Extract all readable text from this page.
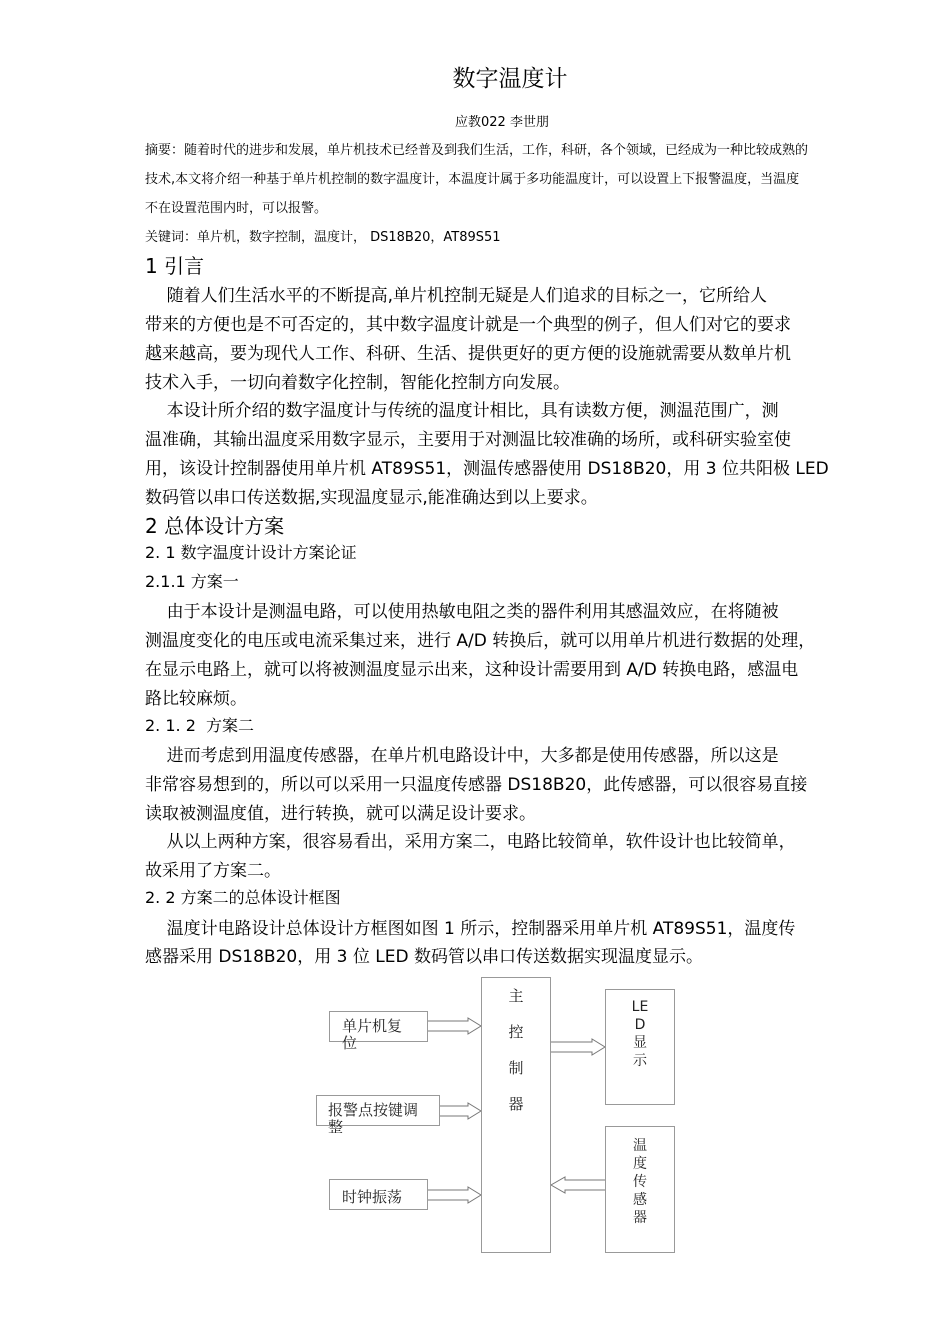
数字温度计
应教022 李世朋
摘要：随着时代的进步和发展，单片机技术已经普及到我们生活，工作，科研，各个领域，已经成为一种比较成熟的
技术,本文将介绍一种基于单片机控制的数字温度计，本温度计属于多功能温度计，可以设置上下报警温度，当温度
不在设置范围内时，可以报警。
关键词：单片机，数字控制，温度计， DS18B20，AT89S51
1 引言
随着人们生活水平的不断提高,单片机控制无疑是人们追求的目标之一，它所给人
带来的方便也是不可否定的，其中数字温度计就是一个典型的例子，但人们对它的要求
越来越高，要为现代人工作、科研、生活、提供更好的更方便的设施就需要从数单片机
技术入手，一切向着数字化控制，智能化控制方向发展。
本设计所介绍的数字温度计与传统的温度计相比，具有读数方便，测温范围广，测
温准确，其输出温度采用数字显示，主要用于对测温比较准确的场所，或科研实验室使
用，该设计控制器使用单片机 AT89S51，测温传感器使用 DS18B20，用 3 位共阳极 LED
数码管以串口传送数据,实现温度显示,能准确达到以上要求。
2 总体设计方案
2. 1 数字温度计设计方案论证
2.1.1 方案一
由于本设计是测温电路，可以使用热敏电阻之类的器件利用其感温效应，在将随被
测温度变化的电压或电流采集过来，进行 A/D 转换后，就可以用单片机进行数据的处理，
在显示电路上，就可以将被测温度显示出来，这种设计需要用到 A/D 转换电路，感温电
路比较麻烦。
2. 1. 2  方案二
进而考虑到用温度传感器，在单片机电路设计中，大多都是使用传感器，所以这是
非常容易想到的，所以可以采用一只温度传感器 DS18B20，此传感器，可以很容易直接
读取被测温度值，进行转换，就可以满足设计要求。
从以上两种方案，很容易看出，采用方案二，电路比较简单，软件设计也比较简单，
故采用了方案二。
2. 2 方案二的总体设计框图
温度计电路设计总体设计方框图如图 1 所示，控制器采用单片机 AT89S51，温度传
感器采用 DS18B20，用 3 位 LED 数码管以串口传送数据实现温度显示。
单片机复
位
报警点按键调
整
时钟振荡
主
控
制
器
LE
D
显
示
温
度
传
感
器
